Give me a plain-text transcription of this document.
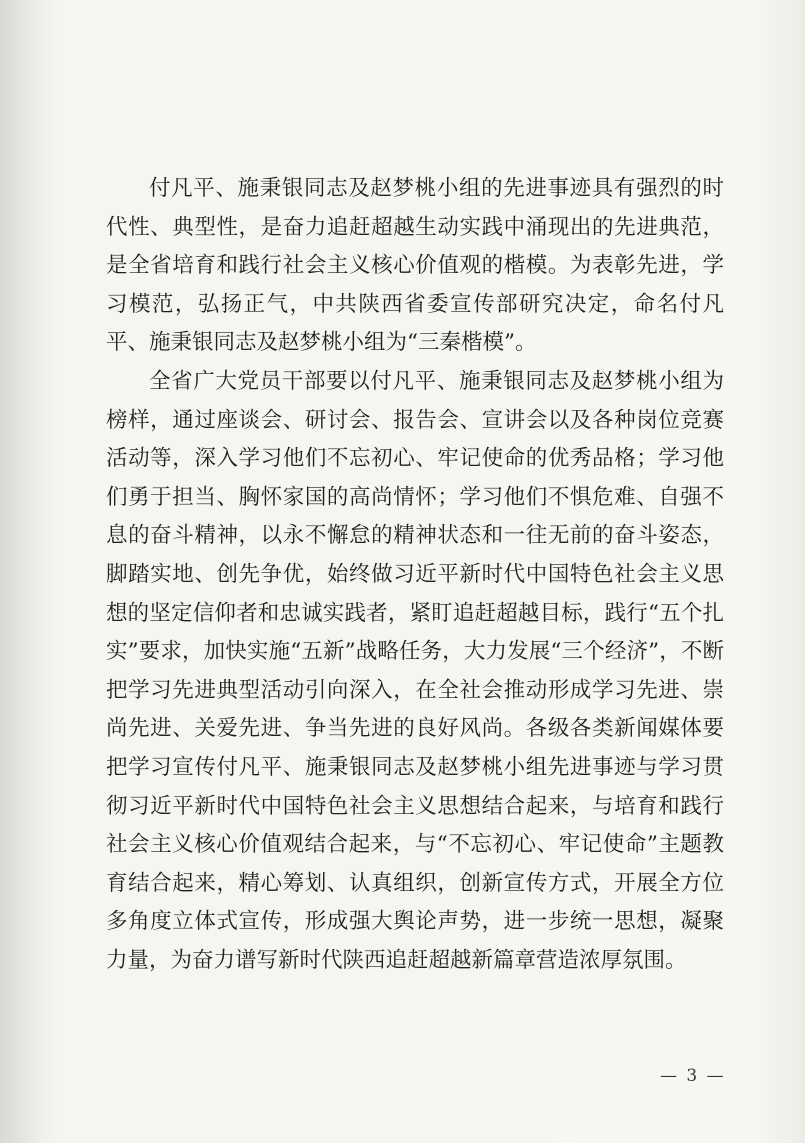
付凡平、施秉银同志及赵梦桃小组的先进事迹具有强烈的时代性、典型性，是奋力追赶超越生动实践中涌现出的先进典范，是全省培育和践行社会主义核心价值观的楷模。为表彰先进，学习模范，弘扬正气，中共陕西省委宣传部研究决定，命名付凡平、施秉银同志及赵梦桃小组为“三秦楷模”。

全省广大党员干部要以付凡平、施秉银同志及赵梦桃小组为榜样，通过座谈会、研讨会、报告会、宣讲会以及各种岗位竞赛活动等，深入学习他们不忘初心、牢记使命的优秀品格；学习他们勇于担当、胸怀家国的高尚情怀；学习他们不惧危难、自强不息的奋斗精神，以永不懈怠的精神状态和一往无前的奋斗姿态，脚踏实地、创先争优，始终做习近平新时代中国特色社会主义思想的坚定信仰者和忠诚实践者，紧盯追赶超越目标，践行“五个扎实”要求，加快实施“五新”战略任务，大力发展“三个经济”，不断把学习先进典型活动引向深入，在全社会推动形成学习先进、崇尚先进、关爱先进、争当先进的良好风尚。各级各类新闻媒体要把学习宣传付凡平、施秉银同志及赵梦桃小组先进事迹与学习贯彻习近平新时代中国特色社会主义思想结合起来，与培育和践行社会主义核心价值观结合起来，与“不忘初心、牢记使命”主题教育结合起来，精心筹划、认真组织，创新宣传方式，开展全方位多角度立体式宣传，形成强大舆论声势，进一步统一思想，凝聚力量，为奋力谱写新时代陕西追赶超越新篇章营造浓厚氛围。

— 3 —
